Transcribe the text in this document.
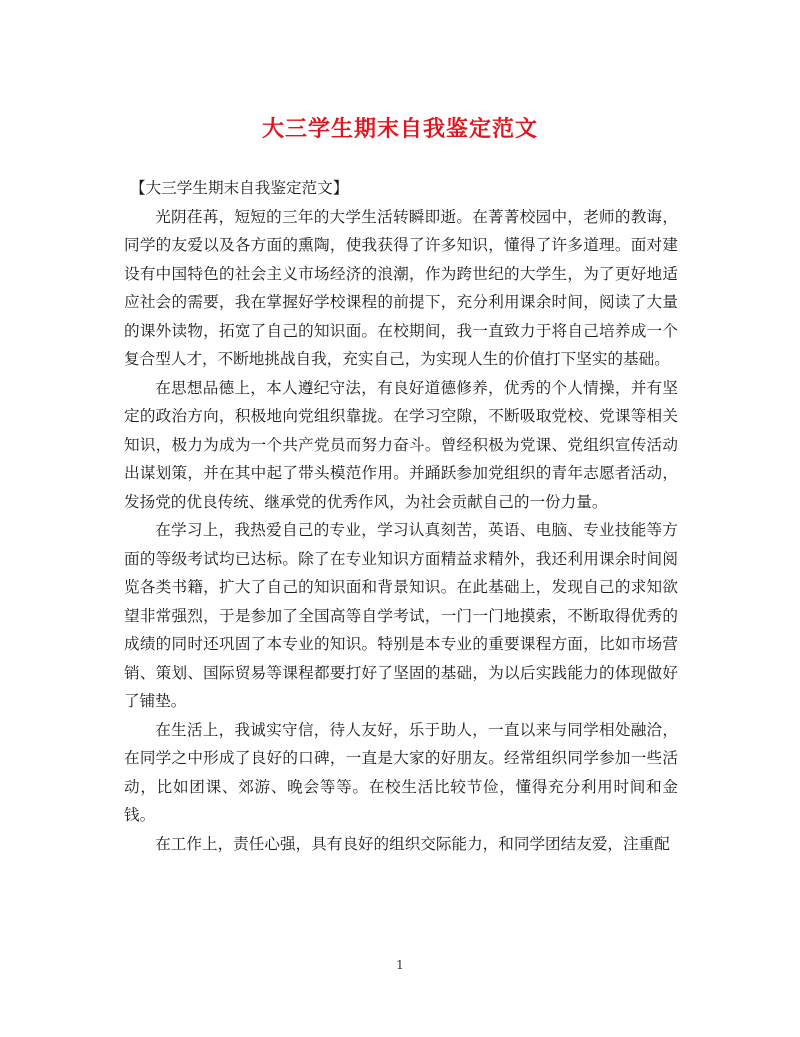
大三学生期末自我鉴定范文

【大三学生期末自我鉴定范文】

光阴荏苒，短短的三年的大学生活转瞬即逝。在菁菁校园中，老师的教诲，同学的友爱以及各方面的熏陶，使我获得了许多知识，懂得了许多道理。面对建设有中国特色的社会主义市场经济的浪潮，作为跨世纪的大学生，为了更好地适应社会的需要，我在掌握好学校课程的前提下，充分利用课余时间，阅读了大量的课外读物，拓宽了自己的知识面。在校期间，我一直致力于将自己培养成一个复合型人才，不断地挑战自我，充实自己，为实现人生的价值打下坚实的基础。

在思想品德上，本人遵纪守法，有良好道德修养，优秀的个人情操，并有坚定的政治方向，积极地向党组织靠拢。在学习空隙，不断吸取党校、党课等相关知识，极力为成为一个共产党员而努力奋斗。曾经积极为党课、党组织宣传活动出谋划策，并在其中起了带头模范作用。并踊跃参加党组织的青年志愿者活动，发扬党的优良传统、继承党的优秀作风，为社会贡献自己的一份力量。

在学习上，我热爱自己的专业，学习认真刻苦，英语、电脑、专业技能等方面的等级考试均已达标。除了在专业知识方面精益求精外，我还利用课余时间阅览各类书籍，扩大了自己的知识面和背景知识。在此基础上，发现自己的求知欲望非常强烈，于是参加了全国高等自学考试，一门一门地摸索，不断取得优秀的成绩的同时还巩固了本专业的知识。特别是本专业的重要课程方面，比如市场营销、策划、国际贸易等课程都要打好了坚固的基础，为以后实践能力的体现做好了铺垫。

在生活上，我诚实守信，待人友好，乐于助人，一直以来与同学相处融洽，在同学之中形成了良好的口碑，一直是大家的好朋友。经常组织同学参加一些活动，比如团课、郊游、晚会等等。在校生活比较节俭，懂得充分利用时间和金钱。

在工作上，责任心强，具有良好的组织交际能力，和同学团结友爱，注重配

1
